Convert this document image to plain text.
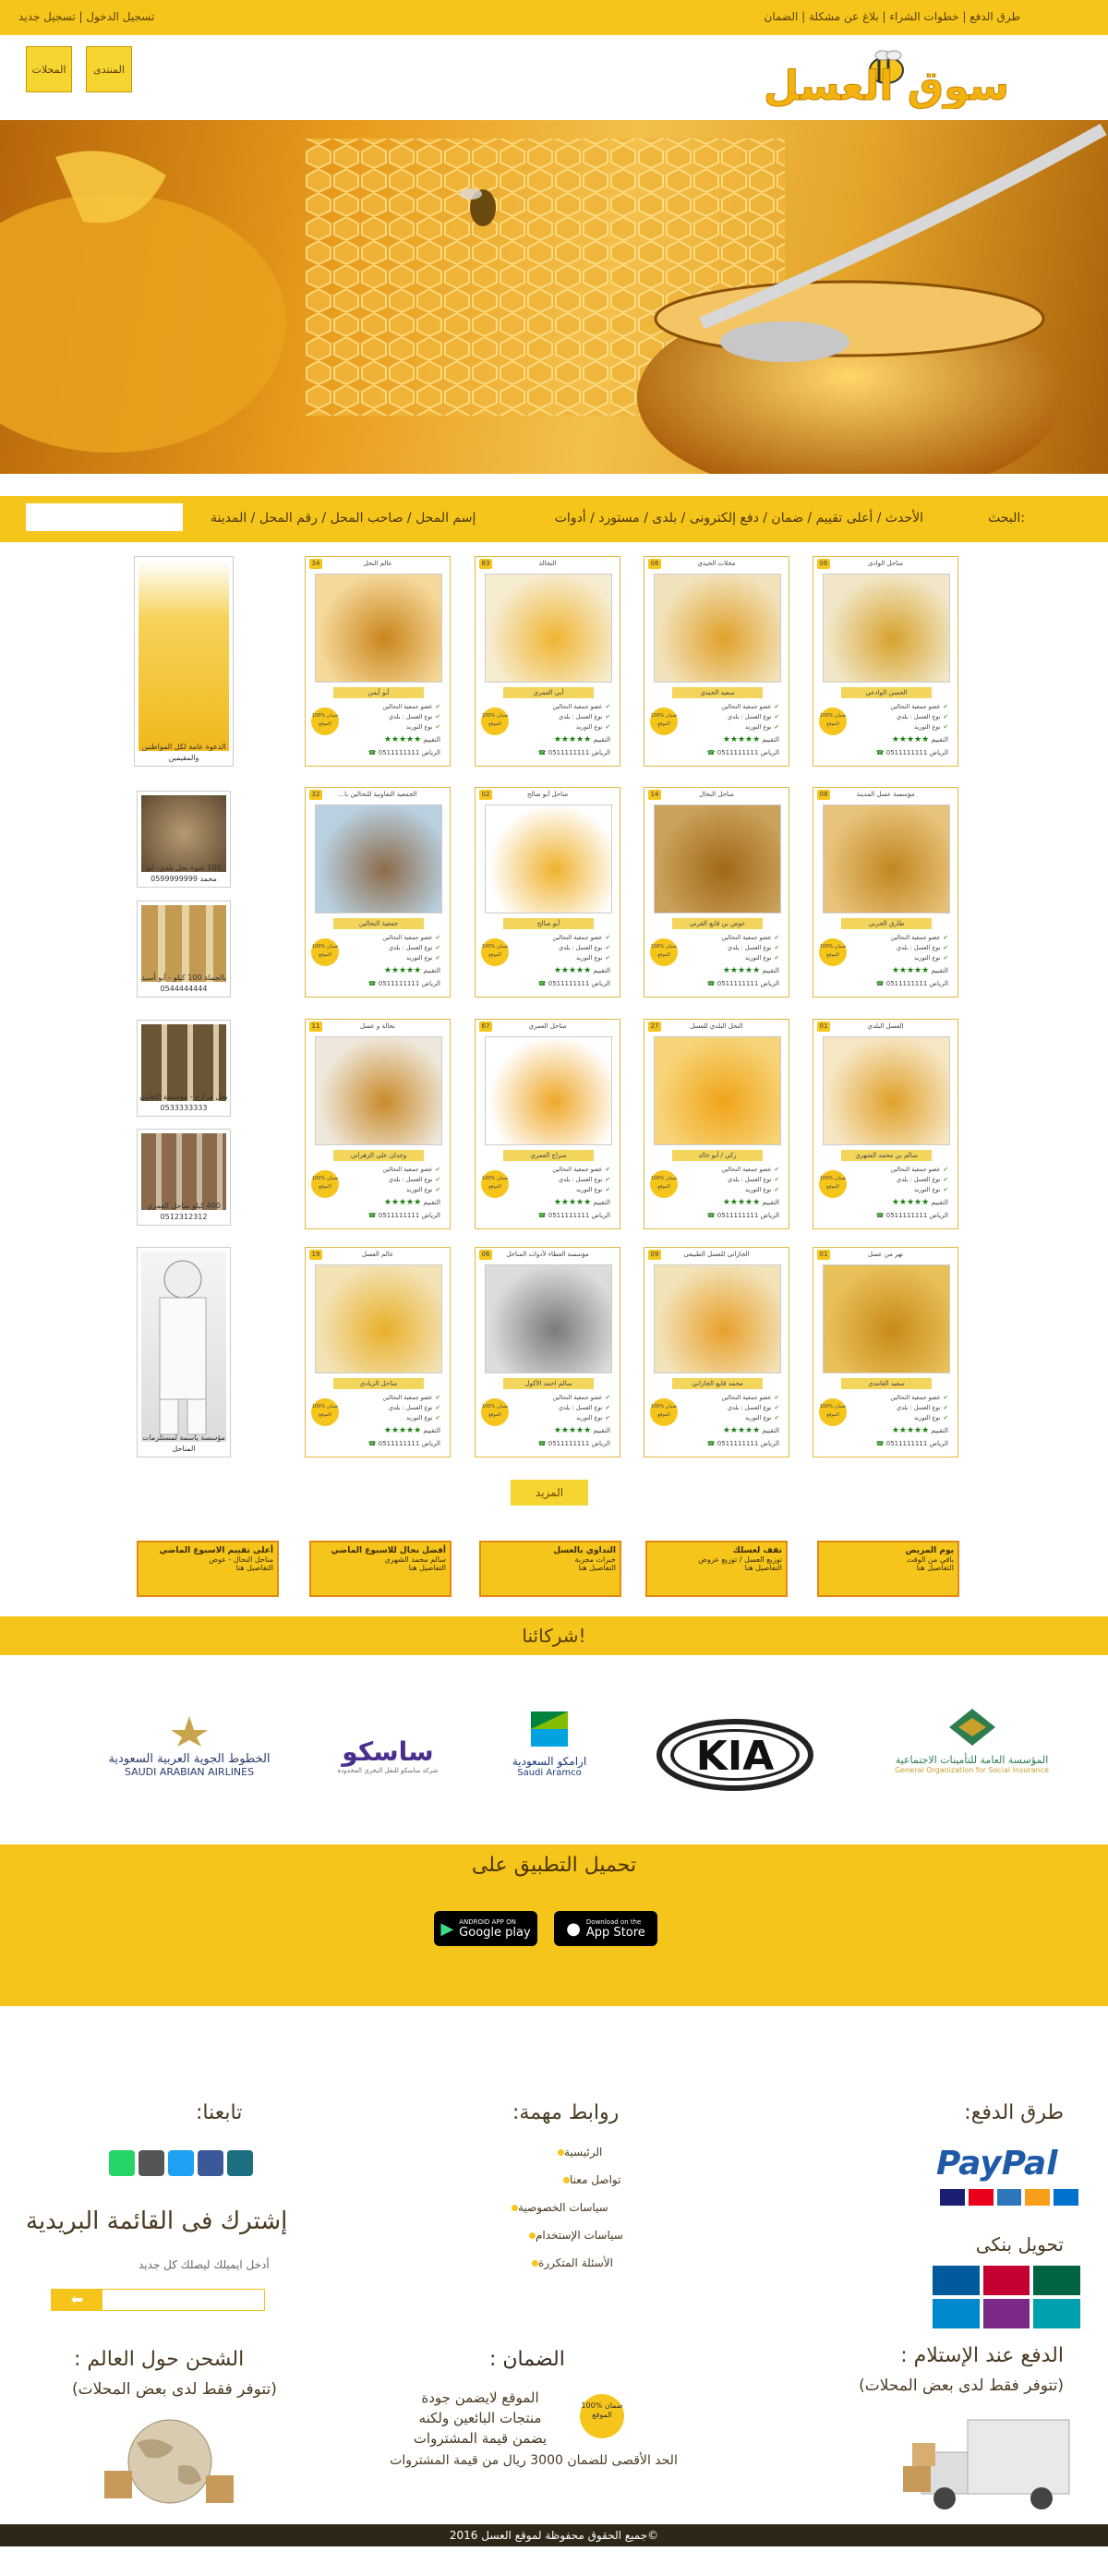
طرق الدفع | خطوات الشراء | بلاغ عن مشكلة | الضمان
تسجيل الدخول | تسجيل جديد
المحلات	المنتدى	سوق العسل
البحث:
الأحدث / أعلى تقييم / ضمان / دفع إلكترونى / بلدى / مستورد / أدوات
إسم المحل / صاحب المحل / رقم المحل / المدينة
مناحل الوادى
06
الحسن الوادعي
✔عضو جمعية النحالين
✔نوع العسل : بلدي
✔نوع التوريد
التقييم ★★★★★
الرياض 0511111111 ☎
100% ضمان الموقع
محلات الحيدي
06
سعيد الحيدي
✔عضو جمعية النحالين
✔نوع العسل : بلدي
✔نوع التوريد
التقييم ★★★★★
الرياض 0511111111 ☎
100% ضمان الموقع
النحالة
83
أبي العمري
✔عضو جمعية النحالين
✔نوع العسل : بلدي
✔نوع التوريد
التقييم ★★★★★
الرياض 0511111111 ☎
100% ضمان الموقع
عالم النحل
34
أبو أيمن
✔عضو جمعية النحالين
✔نوع العسل : بلدي
✔نوع التوريد
التقييم ★★★★★
الرياض 0511111111 ☎
100% ضمان الموقع
مؤسسة عسل المدينة
08
طارق الحربي
✔عضو جمعية النحالين
✔نوع العسل : بلدي
✔نوع التوريد
التقييم ★★★★★
الرياض 0511111111 ☎
100% ضمان الموقع
مناحل النحال
14
عوض بن قايع القرني
✔عضو جمعية النحالين
✔نوع العسل : بلدي
✔نوع التوريد
التقييم ★★★★★
الرياض 0511111111 ☎
100% ضمان الموقع
مناحل أبو صالح
02
أبو صالح
✔عضو جمعية النحالين
✔نوع العسل : بلدي
✔نوع التوريد
التقييم ★★★★★
الرياض 0511111111 ☎
100% ضمان الموقع
الجمعية التعاونية للنحالين با...
32
جمعية النحالين
✔عضو جمعية النحالين
✔نوع العسل : بلدي
✔نوع التوريد
التقييم ★★★★★
الرياض 0511111111 ☎
100% ضمان الموقع
العسل البلدي
01
سالم بن محمد الشهري
✔عضو جمعية النحالين
✔نوع العسل : بلدي
✔نوع التوريد
التقييم ★★★★★
الرياض 0511111111 ☎
100% ضمان الموقع
النحل البلدي للعسل
27
زكي / أبو خالد
✔عضو جمعية النحالين
✔نوع العسل : بلدي
✔نوع التوريد
التقييم ★★★★★
الرياض 0511111111 ☎
100% ضمان الموقع
مناحل العمري
67
سراج العمري
✔عضو جمعية النحالين
✔نوع العسل : بلدي
✔نوع التوريد
التقييم ★★★★★
الرياض 0511111111 ☎
100% ضمان الموقع
نحالة و عسل
11
وجدان علي الزهراني
✔عضو جمعية النحالين
✔نوع العسل : بلدي
✔نوع التوريد
التقييم ★★★★★
الرياض 0511111111 ☎
100% ضمان الموقع
نهر من عسل
01
سعيد الغامدي
✔عضو جمعية النحالين
✔نوع العسل : بلدي
✔نوع التوريد
التقييم ★★★★★
الرياض 0511111111 ☎
100% ضمان الموقع
الجازانى للعسل الطبيعى
09
محمد قايع الجازاني
✔عضو جمعية النحالين
✔نوع العسل : بلدي
✔نوع التوريد
التقييم ★★★★★
الرياض 0511111111 ☎
100% ضمان الموقع
مؤسسة العطاء لأدوات المناحل
06
سالم احمد الأكول
✔عضو جمعية النحالين
✔نوع العسل : بلدي
✔نوع التوريد
التقييم ★★★★★
الرياض 0511111111 ☎
100% ضمان الموقع
عالم العسل
19
مناحل الزيادي
✔عضو جمعية النحالين
✔نوع العسل : بلدي
✔نوع التوريد
التقييم ★★★★★
الرياض 0511111111 ☎
100% ضمان الموقع
الدعوة عامة لكل المواطنين والمقيمين
100 عبوة نحل بلدي- أبو محمد 0599999999
بالجملة 100 كيلو - أبو أسيد 0544444444
نحل مزارع - مؤسسة التعاون 0533333333
400 كيلو مناحل العمري 0512312312
مؤسسة ياسمة لمستلزمات المناحل
المزيد
يوم المريض
باقي من الوقت
التفاصيل هنا
تقف لعسلك
توزيع العسل / توزيع عروض
التفاصيل هنا
التداوي بالعسل
خبرات مجربة
التفاصيل هنا
أفضل نحال للاسبوع الماضي
سالم محمد الشهري
التفاصيل هنا
أعلى تقييم الاسبوع الماضي
مناحل النحال - عوض
التفاصيل هنا
شركائنا!
المؤسسة العامة للتأمينات الاجتماعية
General Organization for Social Insurance
KIA
ارامكو السعودية
Saudi Aramco
ساسكو
شركة ساسكو للنقل البحري المحدودة
الخطوط الجوية العربية السعودية
SAUDI ARABIAN AIRLINES
تحميل التطبيق على
▶ ANDROID APP ON
Google play ● Download on the
App Store
طرق الدفع:
PayPal
تحويل بنكى
الدفع عند الإستلام :
(تتوفر فقط لدى بعض المحلات)
روابط مهمة:
الرئيسية
تواصل معنا
سياسات الخصوصية
سياسات الإستخدام
الأسئلة المتكررة
الضمان :
100% ضمان الموقع
الموقع لايضمن جودة
منتجات البائعين ولكنه
يضمن قيمة المشتروات
الحد الأقصى للضمان 3000 ريال من قيمة المشتروات
تابعنا:
إشترك فى القائمة البريدية
أدخل ايميلك ليصلك كل جديد
⬅
الشحن حول العالم :
(تتوفر فقط لدى بعض المحلات)
جميع الحقوق محفوظة لموقع العسل 2016©
